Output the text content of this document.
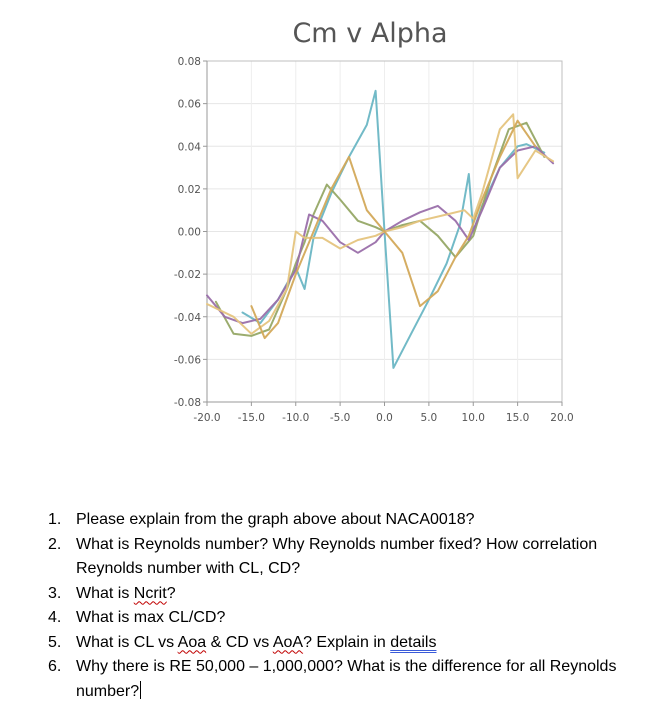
Cm v Alpha
0.08
0.06
0.04
0.02
0.00
-0.02
-0.04
-0.06
-0.08
-20.0 -15.0 -10.0 -5.0 0.0	5.0 10.0 15.0 20.0
1. Please explain from the graph above about NACA0018?
2. What is Reynolds number? Why Reynolds number fixed? How correlation Reynolds number with CL, CD?
3. What is Ncrit?
4. What is max CL/CD?
5. What is CL vs Aoa & CD vs AoA? Explain in details
6. Why there is RE 50,000 – 1,000,000? What is the difference for all Reynolds number?
